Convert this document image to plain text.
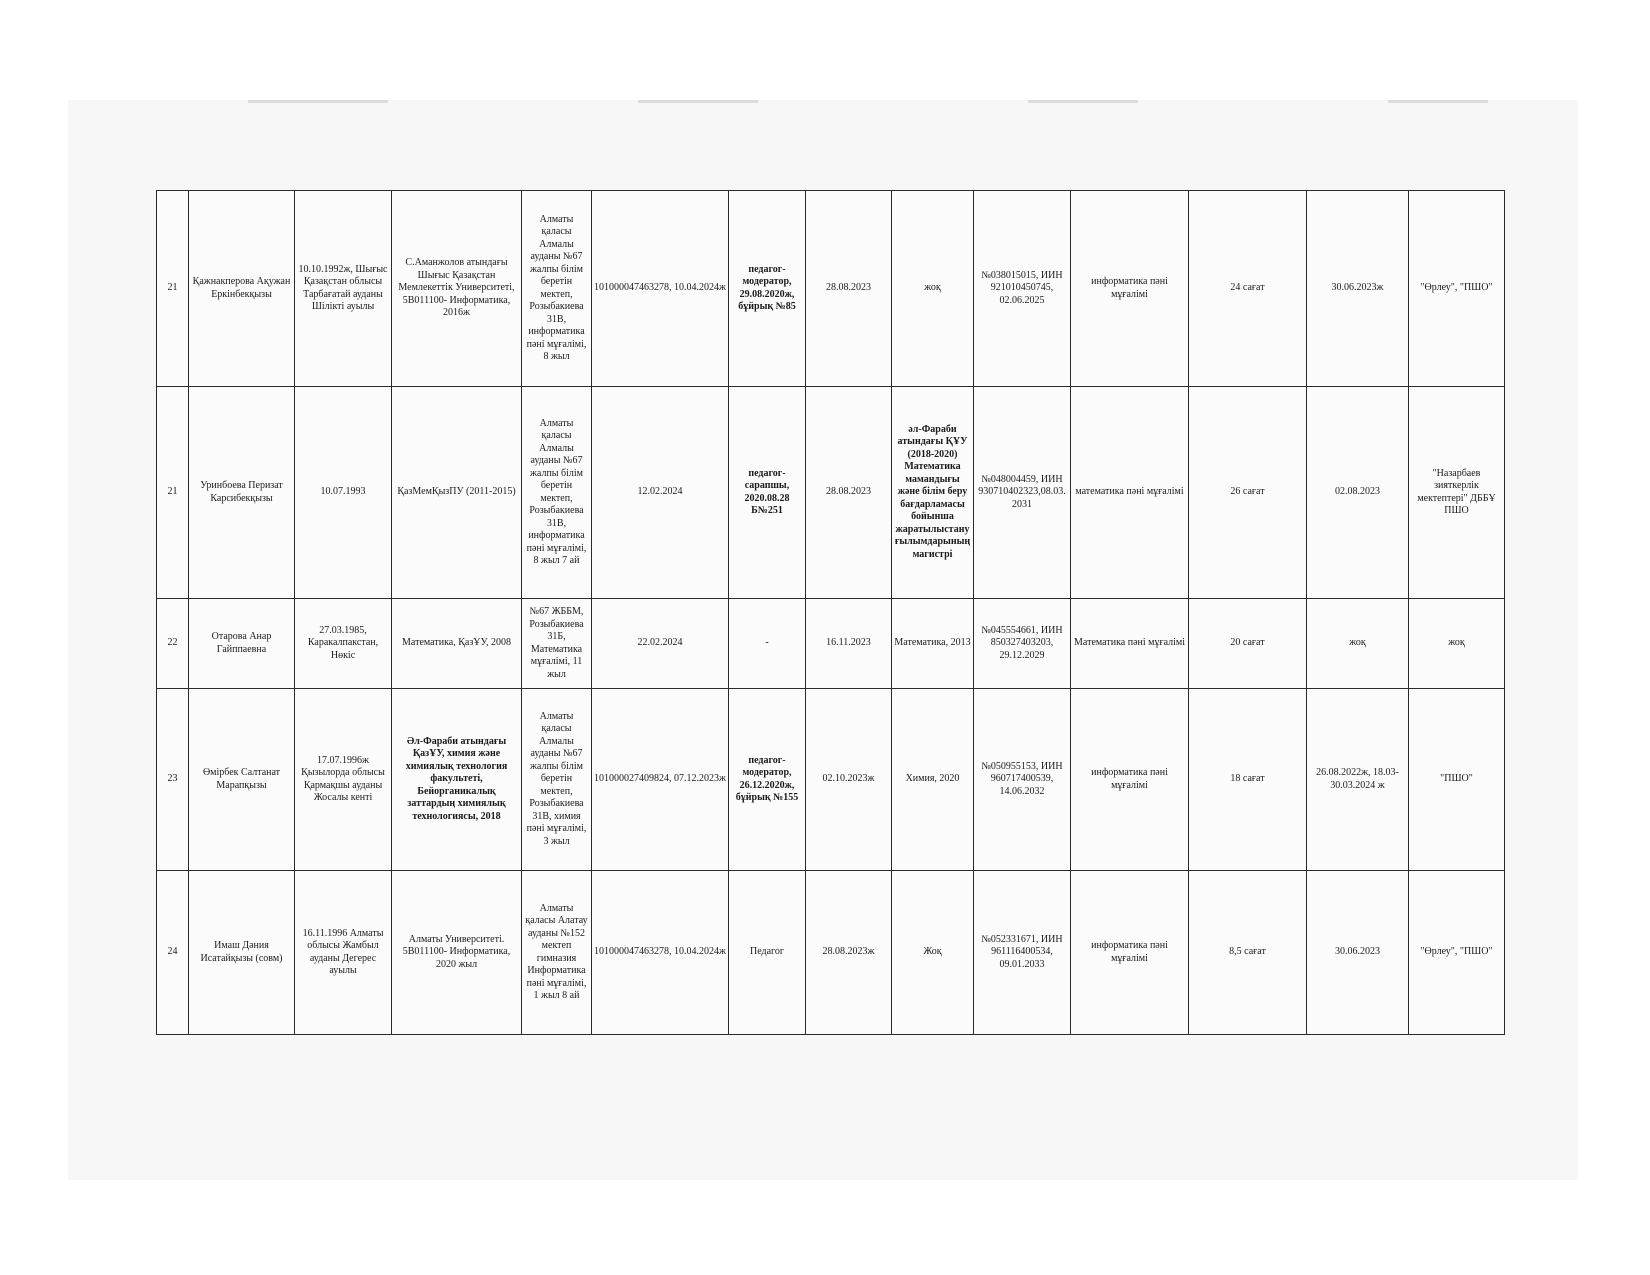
21	Қажнакперова Ақужан Еркінбекқызы	10.10.1992ж, Шығыс Қазақстан облысы Тарбағатай ауданы Шілікті ауылы	С.Аманжолов атындағы Шығыс Қазақстан Мемлекеттік Университеті, 5В011100- Информатика, 2016ж	Алматы қаласы Алмалы ауданы №67 жалпы білім беретін мектеп, Розыбакиева 31В, информатика пәні мұғалімі, 8 жыл	101000047463278, 10.04.2024ж	педагог-модератор, 29.08.2020ж, бұйрық №85	28.08.2023	жоқ	№038015015, ИИН 921010450745, 02.06.2025	информатика пәні мұғалімі	24 сағат	30.06.2023ж	"Өрлеу", "ПШО"
21	Уринбоева Перизат Карсибекқызы	10.07.1993	ҚазМемҚызПУ (2011-2015)	Алматы қаласы Алмалы ауданы №67 жалпы білім беретін мектеп, Розыбакиева 31В, информатика пәні мұғалімі, 8 жыл 7 ай	12.02.2024	педагог-сарапшы, 2020.08.28 Б№251	28.08.2023	әл-Фараби атындағы ҚҰУ (2018-2020) Математика мамандығы және білім беру бағдарламасы бойынша жаратылыстану ғылымдарының магистрі	№048004459, ИИН 930710402323,08.03.2031	математика пәні мұғалімі	26 сағат	02.08.2023	"Назарбаев зияткерлік мектептері" ДББҰ ПШО
22	Отарова Анар Гайппаевна	27.03.1985, Каракалпакстан, Нөкіс	Математика, ҚазҰУ, 2008	№67 ЖББМ, Розыбакиева 31Б, Математика мұғалімі, 11 жыл	22.02.2024	-	16.11.2023	Математика, 2013	№045554661, ИИН 850327403203, 29.12.2029	Математика пәні мұғалімі	20 сағат	жоқ	жоқ
23	Өмірбек Салтанат Марапқызы	17.07.1996ж Қызылорда облысы Қармақшы ауданы Жосалы кенті	Әл-Фараби атындағы ҚазҰУ, химия және химиялық технология факультеті, Бейорганикалық заттардың химиялық технологиясы, 2018	Алматы қаласы Алмалы ауданы №67 жалпы білім беретін мектеп, Розыбакиева 31В, химия пәні мұғалімі, 3 жыл	101000027409824, 07.12.2023ж	педагог-модератор, 26.12.2020ж, бұйрық №155	02.10.2023ж	Химия, 2020	№050955153, ИИН 960717400539, 14.06.2032	информатика пәні мұғалімі	18 сағат	26.08.2022ж, 18.03-30.03.2024 ж	"ПШО"
24	Имаш Дәния Исатайқызы (совм)	16.11.1996 Алматы облысы Жамбыл ауданы Дегерес ауылы	Алматы Университеті. 5В011100- Информатика, 2020 жыл	Алматы қаласы Алатау ауданы №152 мектеп гимназия Информатика пәні мұғалімі, 1 жыл 8 ай	101000047463278, 10.04.2024ж	Педагог	28.08.2023ж	Жоқ	№052331671, ИИН 961116400534, 09.01.2033	информатика пәні мұғалімі	8,5 сағат	30.06.2023	"Өрлеу", "ПШО"
